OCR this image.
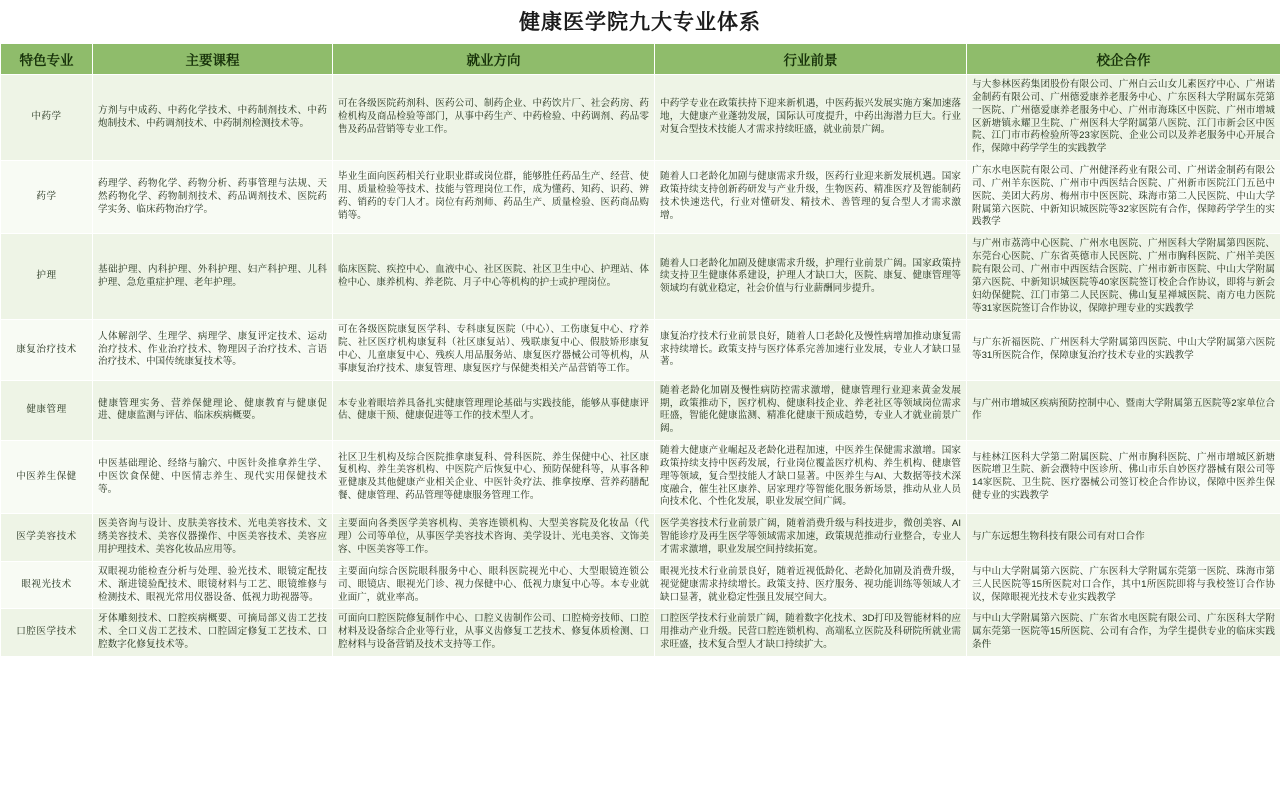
健康医学院九大专业体系
特色专业	主要课程	就业方向	行业前景	校企合作
中药学	方剂与中成药、中药化学技术、中药制剂技术、中药炮制技术、中药调剂技术、中药制剂检测技术等。	可在各级医院药剂科、医药公司、制药企业、中药饮片厂、社会药房、药检机构及商品检验等部门，从事中药生产、中药检验、中药调剂、药品零售及药品营销等专业工作。	中药学专业在政策扶持下迎来新机遇，中医药振兴发展实施方案加速落地，大健康产业蓬勃发展，国际认可度提升，中药出海潜力巨大。行业对复合型技术技能人才需求持续旺盛，就业前景广阔。	与大参林医药集团股份有限公司、广州白云山女儿素医疗中心、广州诺金制药有限公司、广州德爱康养老服务中心、广东医科大学附属东莞第一医院、广州德爱康养老服务中心、广州市海珠区中医院、广州市增城区新塘镇永耀卫生院、广州医科大学附属第八医院、江门市新会区中医院、江门市市药检验所等23家医院、企业公司以及养老服务中心开展合作，保障中药学学生的实践教学
药学	药理学、药物化学、药物分析、药事管理与法规、天然药物化学、药物制剂技术、药品调剂技术、医院药学实务、临床药物治疗学。	毕业生面向医药相关行业职业群或岗位群，能够胜任药品生产、经营、使用、质量检验等技术、技能与管理岗位工作，成为懂药、知药、识药、辨药、销药的专门人才。岗位有药剂师、药品生产、质量检验、医药商品购销等。	随着人口老龄化加剧与健康需求升级，医药行业迎来新发展机遇。国家政策持续支持创新药研发与产业升级，生物医药、精准医疗及智能制药技术快速迭代，行业对懂研发、精技术、善管理的复合型人才需求激增。	广东水电医院有限公司、广州健泽药业有限公司、广州诺金制药有限公司、广州羊东医院、广州市中西医结合医院、广州新市医院江门五邑中医院、美团大药房、梅州市中医医院、珠海市第二人民医院、中山大学附属第六医院、中新知识城医院等32家医院有合作，保障药学学生的实践教学
护理	基础护理、内科护理、外科护理、妇产科护理、儿科护理、急危重症护理、老年护理。	临床医院、疾控中心、血液中心、社区医院、社区卫生中心、护理站、体检中心、康养机构、养老院、月子中心等机构的护士或护理岗位。	随着人口老龄化加剧及健康需求升级，护理行业前景广阔。国家政策持续支持卫生健康体系建设，护理人才缺口大，医院、康复、健康管理等领域均有就业稳定，社会价值与行业薪酬同步提升。	与广州市荔湾中心医院、广州水电医院、广州医科大学附属第四医院、东莞台心医院、广东省英德市人民医院、广州市胸科医院、广州羊美医院有限公司、广州市中西医结合医院、广州市新市医院、中山大学附属第六医院、中新知识城医院等40家医院签订校企合作协议，即将与新会妇幼保健院、江门市第二人民医院、佛山复星禅城医院、南方电力医院等31家医院签订合作协议，保障护理专业的实践教学
康复治疗技术	人体解剖学、生理学、病理学、康复评定技术、运动治疗技术、作业治疗技术、物理因子治疗技术、言语治疗技术、中国传统康复技术等。	可在各级医院康复医学科、专科康复医院（中心）、工伤康复中心、疗养院、社区医疗机构康复科（社区康复站）、残联康复中心、假肢矫形康复中心、儿童康复中心、残疾人用品服务站、康复医疗器械公司等机构，从事康复治疗技术、康复管理、康复医疗与保健类相关产品营销等工作。	康复治疗技术行业前景良好，随着人口老龄化及慢性病增加推动康复需求持续增长。政策支持与医疗体系完善加速行业发展，专业人才缺口显著。	与广东祈福医院、广州医科大学附属第四医院、中山大学附属第六医院等31所医院合作，保障康复治疗技术专业的实践教学
健康管理	健康管理实务、营养保健理论、健康教育与健康促进、健康监测与评估、临床疾病概要。	本专业着眼培养具备扎实健康管理理论基础与实践技能，能够从事健康评估、健康干预、健康促进等工作的技术型人才。	随着老龄化加剧及慢性病防控需求激增，健康管理行业迎来黄金发展期，政策推动下，医疗机构、健康科技企业、养老社区等领域岗位需求旺盛，智能化健康监测、精准化健康干预成趋势，专业人才就业前景广阔。	与广州市增城区疾病预防控制中心、暨南大学附属第五医院等2家单位合作
中医养生保健	中医基础理论、经络与腧穴、中医针灸推拿养生学、中医饮食保健、中医情志养生、现代实用保健技术等。	社区卫生机构及综合医院推拿康复科、骨科医院、养生保健中心、社区康复机构、养生美容机构、中医院产后恢复中心、预防保健科等，从事各种亚健康及其他健康产业相关企业、中医针灸疗法、推拿按摩、营养药膳配餐、健康管理、药品管理等健康服务管理工作。	随着大健康产业崛起及老龄化进程加速，中医养生保健需求激增。国家政策持续支持中医药发展，行业岗位覆盖医疗机构、养生机构、健康管理等领域，复合型技能人才缺口显著。中医养生与AI、大数据等技术深度融合，催生社区康养、居家理疗等智能化服务新场景，推动从业人员向技术化、个性化发展，职业发展空间广阔。	与桂林江医科大学第二附属医院、广州市胸科医院、广州市增城区新塘医院增卫生院、新会濮特中医诊所、佛山市乐自妙医疗器械有限公司等14家医院、卫生院、医疗器械公司签订校企合作协议，保障中医养生保健专业的实践教学
医学美容技术	医美咨询与设计、皮肤美容技术、光电美容技术、文绣美容技术、美容仪器操作、中医美容技术、美容应用护理技术、美容化妆品应用等。	主要面向各类医学美容机构、美容连锁机构、大型美容院及化妆品（代理）公司等单位，从事医学美容技术咨询、美学设计、光电美容、文饰美容、中医美容等工作。	医学美容技术行业前景广阔，随着消费升级与科技进步，微创美容、AI智能诊疗及再生医学等领域需求加速，政策规范推动行业整合，专业人才需求激增，职业发展空间持续拓宽。	与广东远想生物科技有限公司有对口合作
眼视光技术	双眼视功能检查分析与处理、验光技术、眼镜定配技术、渐进镜验配技术、眼镜材料与工艺、眼镜维修与检测技术、眼视光常用仪器设备、低视力助视器等。	主要面向综合医院眼科服务中心、眼科医院视光中心、大型眼镜连锁公司、眼镜店、眼视光门诊、视力保健中心、低视力康复中心等。本专业就业面广，就业率高。	眼视光技术行业前景良好，随着近视低龄化、老龄化加剧及消费升级，视觉健康需求持续增长。政策支持、医疗服务、视功能训练等领域人才缺口显著，就业稳定性强且发展空间大。	与中山大学附属第六医院、广东医科大学附属东莞第一医院、珠海市第三人民医院等15所医院对口合作，其中1所医院即将与我校签订合作协议，保障眼视光技术专业实践教学
口腔医学技术	牙体雕刻技术、口腔疾病概要、可摘局部义齿工艺技术、全口义齿工艺技术、口腔固定修复工艺技术、口腔数字化修复技术等。	可面向口腔医院修复制作中心、口腔义齿制作公司、口腔椅旁技师、口腔材料及设备综合企业等行业，从事义齿修复工艺技术、修复体质检测、口腔材料与设备营销及技术支持等工作。	口腔医学技术行业前景广阔，随着数字化技术、3D打印及智能材料的应用推动产业升级。民营口腔连锁机构、高端私立医院及科研院所就业需求旺盛，技术复合型人才缺口持续扩大。	与中山大学附属第六医院、广东省水电医院有限公司、广东医科大学附属东莞第一医院等15所医院、公司有合作，为学生提供专业的临床实践条件
